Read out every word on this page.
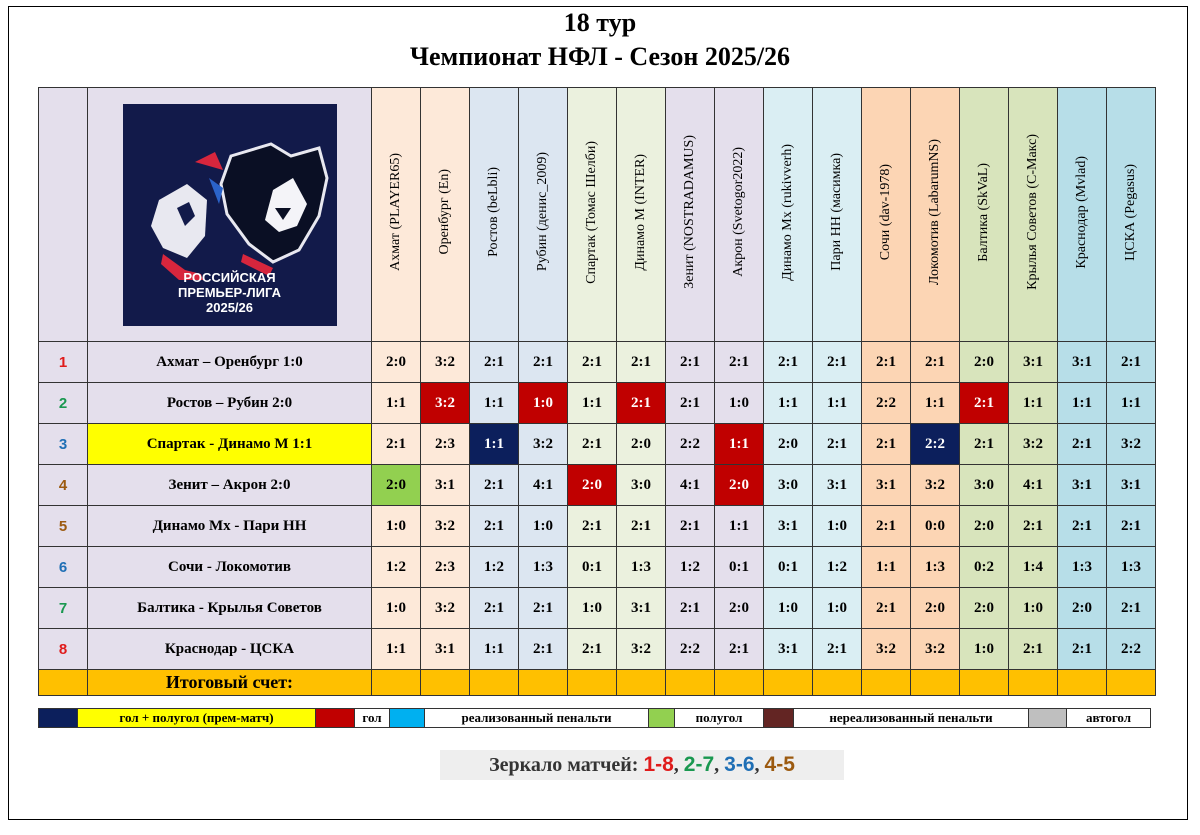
18 тур
Чемпионат НФЛ - Сезон 2025/26

	РОССИЙСКАЯ
ПРЕМЬЕР-ЛИГА
2025/26	Ахмат (PLAYER65)	Оренбург (En)	Ростов (beLbli)	Рубин (денис_2009)	Спартак (Томас Шелби)	Динамо М (INTER)	Зенит (NOSTRADAMUS)	Акрон (Svetogor2022)	Динамо Мх (rukivverh)	Пари НН (масимка)	Сочи (dav-1978)	Локомотив (LabarumNS)	Балтика (SkVaL)	Крылья Советов (С-Макс)	Краснодар (Mvlad)	ЦСКА (Pegasus)
1	Ахмат – Оренбург 1:0	2:0	3:2	2:1	2:1	2:1	2:1	2:1	2:1	2:1	2:1	2:1	2:1	2:0	3:1	3:1	2:1
2	Ростов – Рубин 2:0	1:1	3:2	1:1	1:0	1:1	2:1	2:1	1:0	1:1	1:1	2:2	1:1	2:1	1:1	1:1	1:1
3	Спартак - Динамо М 1:1	2:1	2:3	1:1	3:2	2:1	2:0	2:2	1:1	2:0	2:1	2:1	2:2	2:1	3:2	2:1	3:2
4	Зенит – Акрон 2:0	2:0	3:1	2:1	4:1	2:0	3:0	4:1	2:0	3:0	3:1	3:1	3:2	3:0	4:1	3:1	3:1
5	Динамо Мх - Пари НН	1:0	3:2	2:1	1:0	2:1	2:1	2:1	1:1	3:1	1:0	2:1	0:0	2:0	2:1	2:1	2:1
6	Сочи - Локомотив	1:2	2:3	1:2	1:3	0:1	1:3	1:2	0:1	0:1	1:2	1:1	1:3	0:2	1:4	1:3	1:3
7	Балтика - Крылья Советов	1:0	3:2	2:1	2:1	1:0	3:1	2:1	2:0	1:0	1:0	2:1	2:0	2:0	1:0	2:0	2:1
8	Краснодар - ЦСКА	1:1	3:1	1:1	2:1	2:1	3:2	2:2	2:1	3:1	2:1	3:2	3:2	1:0	2:1	2:1	2:2
	Итоговый счет:																
	гол + полугол (прем-матч)		гол		реализованный пенальти		полугол		нереализованный пенальти		автогол
Зеркало матчей: 1-8, 2-7, 3-6, 4-5
